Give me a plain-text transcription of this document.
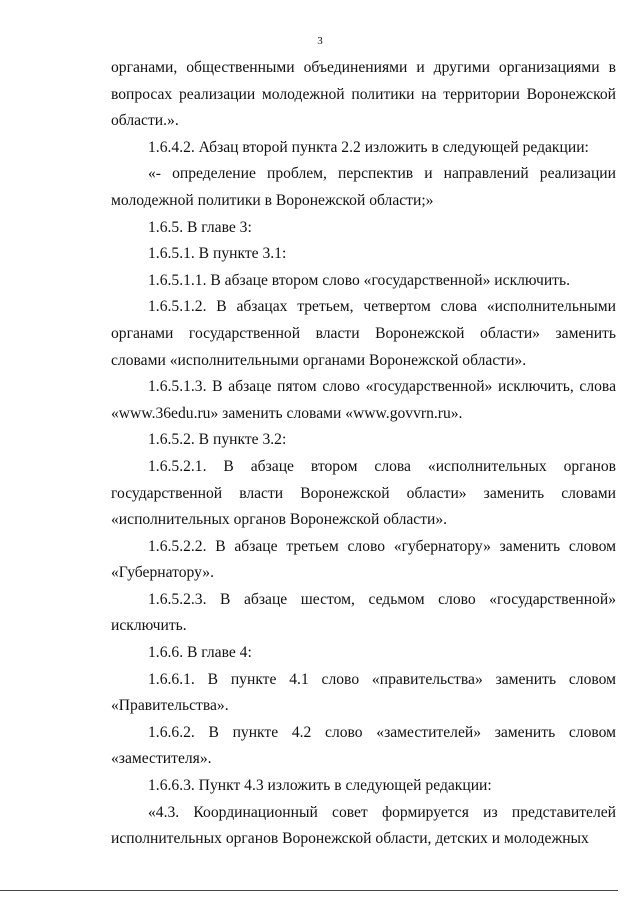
3

органами, общественными объединениями и другими организациями в вопросах реализации молодежной политики на территории Воронежской области.».

1.6.4.2. Абзац второй пункта 2.2 изложить в следующей редакции:

«- определение проблем, перспектив и направлений реализации молодежной политики в Воронежской области;»

1.6.5. В главе 3:

1.6.5.1. В пункте 3.1:

1.6.5.1.1. В абзаце втором слово «государственной» исключить.

1.6.5.1.2. В абзацах третьем, четвертом слова «исполнительными органами государственной власти Воронежской области» заменить словами «исполнительными органами Воронежской области».

1.6.5.1.3. В абзаце пятом слово «государственной» исключить, слова «www.36edu.ru» заменить словами «www.govvrn.ru».

1.6.5.2. В пункте 3.2:

1.6.5.2.1. В абзаце втором слова «исполнительных органов государственной власти Воронежской области» заменить словами «исполнительных органов Воронежской области».

1.6.5.2.2. В абзаце третьем слово «губернатору» заменить словом «Губернатору».

1.6.5.2.3. В абзаце шестом, седьмом слово «государственной» исключить.

1.6.6. В главе 4:

1.6.6.1. В пункте 4.1 слово «правительства» заменить словом «Правительства».

1.6.6.2. В пункте 4.2 слово «заместителей» заменить словом «заместителя».

1.6.6.3. Пункт 4.3 изложить в следующей редакции:

«4.3. Координационный совет формируется из представителей исполнительных органов Воронежской области, детских и молодежных
